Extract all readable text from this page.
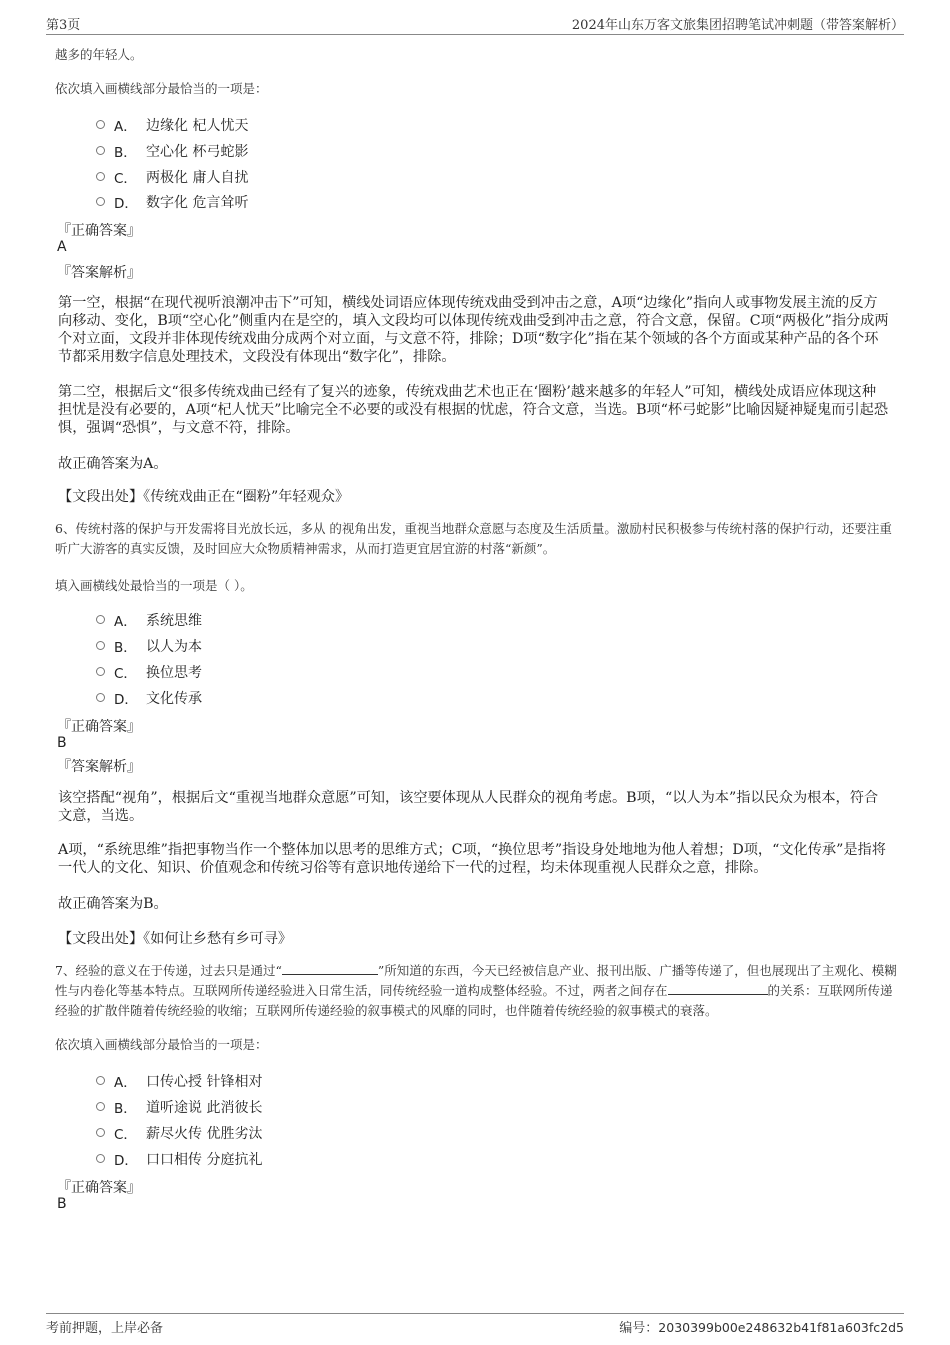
第3页	2024年山东万客文旅集团招聘笔试冲刺题（带答案解析）
越多的年轻人。
依次填入画横线部分最恰当的一项是：
A． 边缘化 杞人忧天
B． 空心化 杯弓蛇影
C． 两极化 庸人自扰
D． 数字化 危言耸听
『正确答案』
A
『答案解析』
第一空，根据“在现代视听浪潮冲击下”可知，横线处词语应体现传统戏曲受到冲击之意，A项“边缘化”指向人或事物发展主流的反方向移动、变化，B项“空心化”侧重内在是空的，填入文段均可以体现传统戏曲受到冲击之意，符合文意，保留。C项“两极化”指分成两个对立面，文段并非体现传统戏曲分成两个对立面，与文意不符，排除；D项“数字化”指在某个领域的各个方面或某种产品的各个环节都采用数字信息处理技术，文段没有体现出“数字化”，排除。
第二空，根据后文“很多传统戏曲已经有了复兴的迹象，传统戏曲艺术也正在‘圈粉’越来越多的年轻人”可知，横线处成语应体现这种担忧是没有必要的，A项“杞人忧天”比喻完全不必要的或没有根据的忧虑，符合文意，当选。B项“杯弓蛇影”比喻因疑神疑鬼而引起恐惧，强调“恐惧”，与文意不符，排除。
故正确答案为A。
【文段出处】《传统戏曲正在“圈粉”年轻观众》
6、传统村落的保护与开发需将目光放长远，多从 的视角出发，重视当地群众意愿与态度及生活质量。激励村民积极参与传统村落的保护行动，还要注重听广大游客的真实反馈，及时回应大众物质精神需求，从而打造更宜居宜游的村落“新颜”。
填入画横线处最恰当的一项是（ ）。
A． 系统思维
B． 以人为本
C． 换位思考
D． 文化传承
『正确答案』
B
『答案解析』
该空搭配“视角”，根据后文“重视当地群众意愿”可知，该空要体现从人民群众的视角考虑。B项，“以人为本”指以民众为根本，符合文意，当选。
A项，“系统思维”指把事物当作一个整体加以思考的思维方式；C项，“换位思考”指设身处地地为他人着想；D项，“文化传承”是指将一代人的文化、知识、价值观念和传统习俗等有意识地传递给下一代的过程，均未体现重视人民群众之意，排除。
故正确答案为B。
【文段出处】《如何让乡愁有乡可寻》
7、经验的意义在于传递，过去只是通过“	”所知道的东西，今天已经被信息产业、报刊出版、广播等传递了，但也展现出了主观化、模糊性与内卷化等基本特点。互联网所传递经验进入日常生活，同传统经验一道构成整体经验。不过，两者之间存在	的关系：互联网所传递经验的扩散伴随着传统经验的收缩；互联网所传递经验的叙事模式的风靡的同时，也伴随着传统经验的叙事模式的衰落。
依次填入画横线部分最恰当的一项是：
A． 口传心授 针锋相对
B． 道听途说 此消彼长
C． 薪尽火传 优胜劣汰
D． 口口相传 分庭抗礼
『正确答案』
B
考前押题，上岸必备	编号：2030399b00e248632b41f81a603fc2d5
